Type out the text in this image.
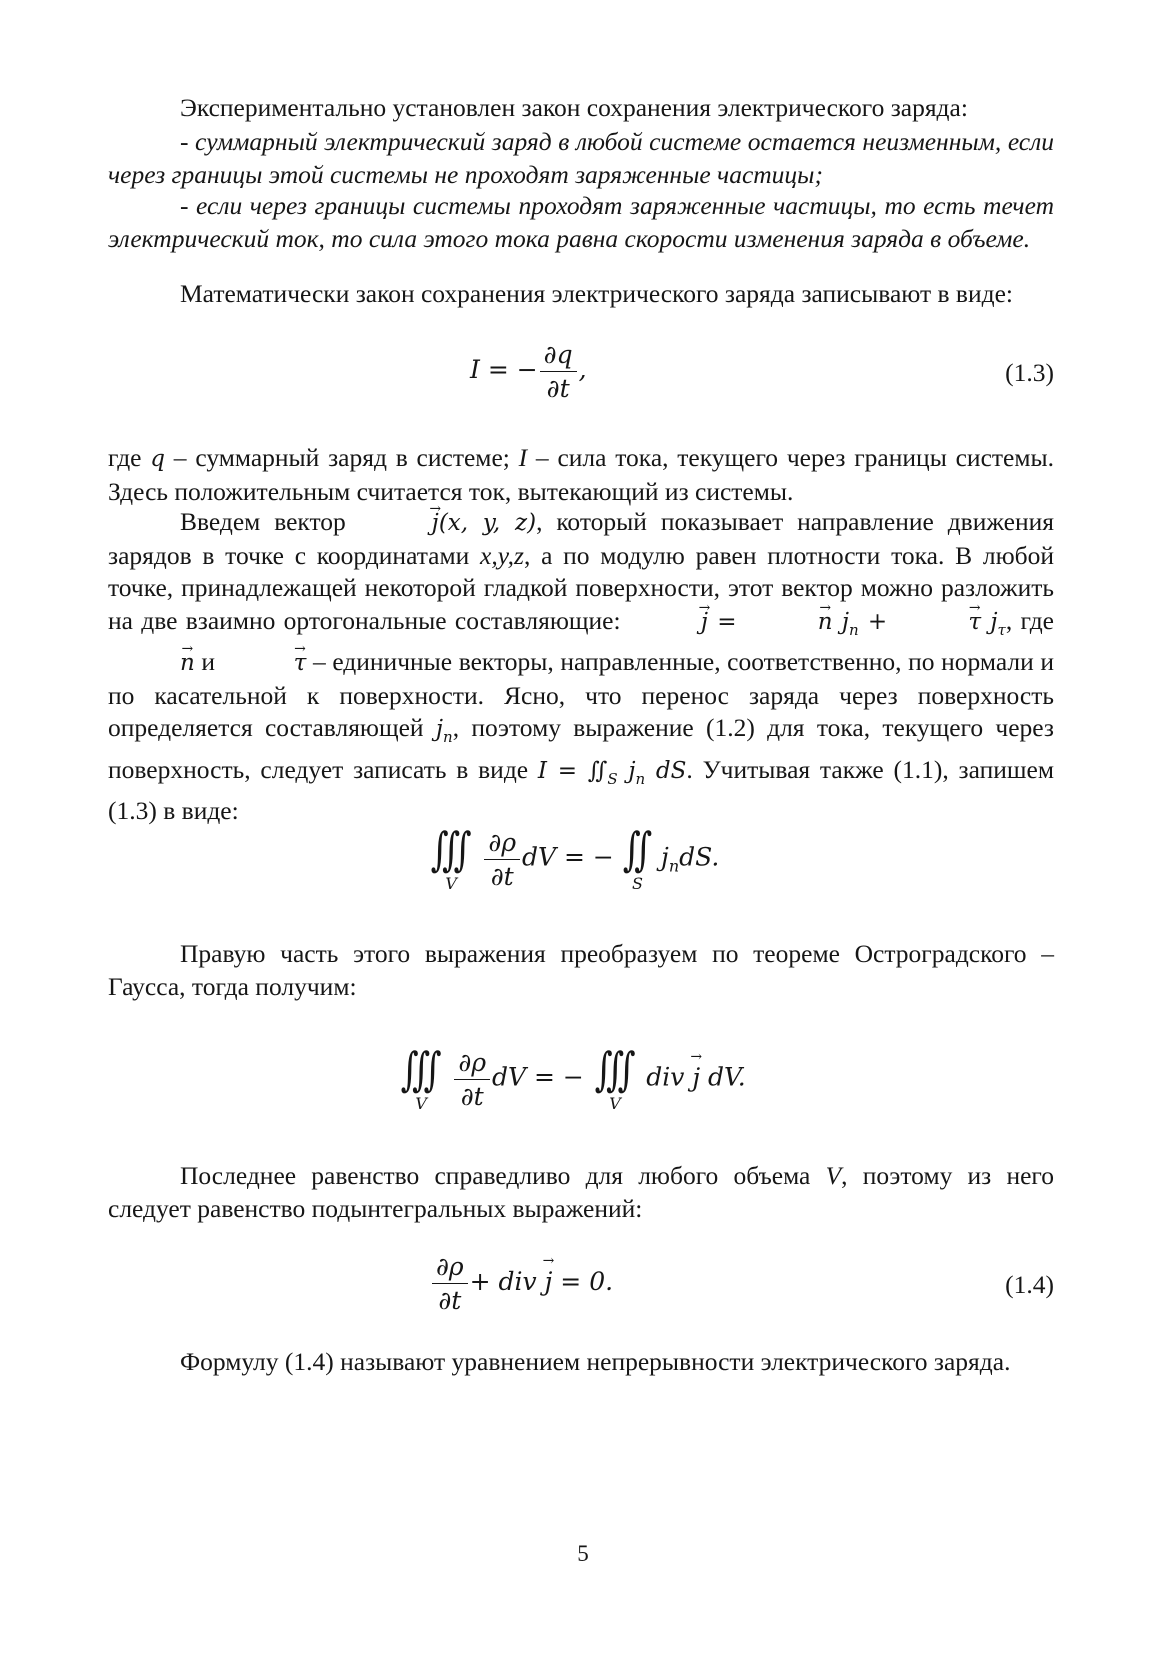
Экспериментально установлен закон сохранения электрического заряда:

- суммарный электрический заряд в любой системе остается неизменным, если через границы этой системы не проходят заряженные частицы;

- если через границы системы проходят заряженные частицы, то есть течет электрический ток, то сила этого тока равна скорости изменения заряда в объеме.

Математически закон сохранения электрического заряда записывают в виде:

I = − $\frac{\partial q}{\partial t}$ ,	(1.3)

где q – суммарный заряд в системе; I – сила тока, текущего через границы системы. Здесь положительным считается ток, вытекающий из системы.

Введем вектор	→ j(x, y, z), который показывает направление движения зарядов в точке с координатами x,y,z, а по модулю равен плотности тока. В любой точке, принадлежащей некоторой гладкой поверхности, этот вектор можно разложить на две взаимно ортогональные составляющие:	→ j =	→ n $j_n$ +	→ τ $j_\tau$, где → n и	→ τ – единичные векторы, направленные, соответственно, по нормали и по касательной к поверхности. Ясно, что перенос заряда через поверхность определяется составляющей $j_n$, поэтому выражение (1.2) для тока, текущего через поверхность, следует записать в виде $I = ∬_S$ $j_n$ dS. Учитывая также (1.1), запишем (1.3) в виде:

∭
V	$\frac{\partial\rho}{\partial t}$ dV = − ∬
S
$j_ndS$.

Правую часть этого выражения преобразуем по теореме Остроградского – Гаусса, тогда получим:

∭
V	$\frac{\partial\rho}{\partial t}$ dV = − ∭
V
div → j dV.

Последнее равенство справедливо для любого объема V, поэтому из него следует равенство подынтегральных выражений:

$\frac{\partial\rho}{\partial t}$ + div → j = 0.	(1.4)

Формулу (1.4) называют уравнением непрерывности электрического заряда.

5
